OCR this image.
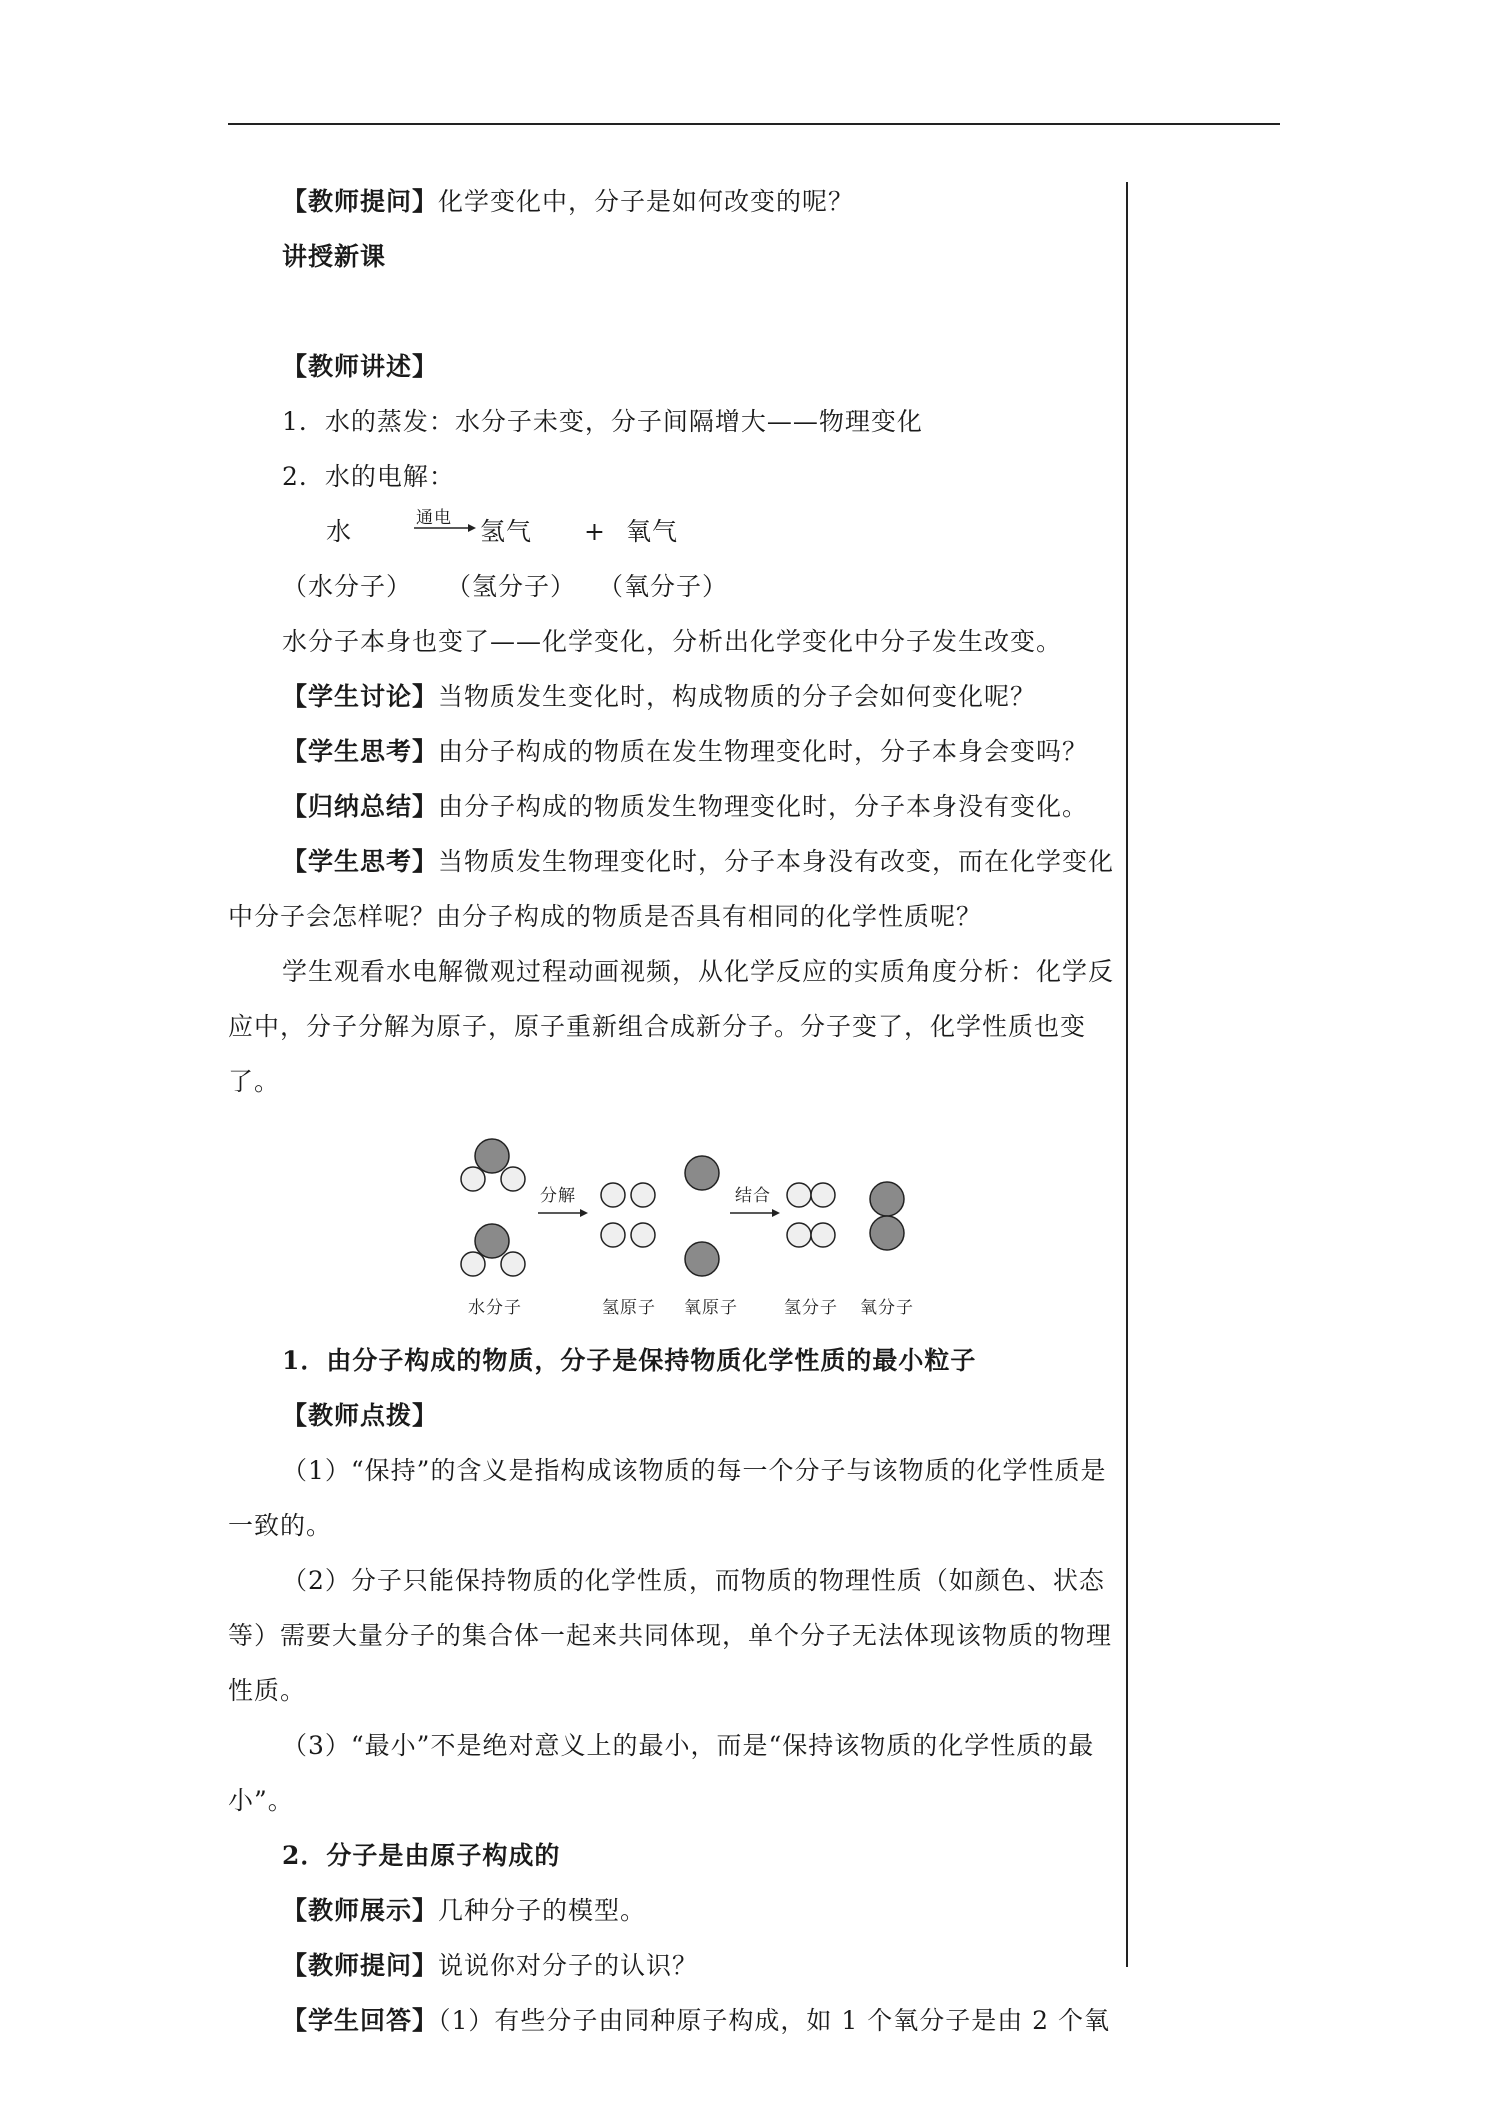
【教师提问】化学变化中，分子是如何改变的呢？

讲授新课

【教师讲述】

1．水的蒸发：水分子未变，分子间隔增大——物理变化

2．水的电解：

水	通电 氢气 + 氧气
（水分子） （氢分子） （氧分子）

水分子本身也变了——化学变化，分析出化学变化中分子发生改变。

【学生讨论】当物质发生变化时，构成物质的分子会如何变化呢？

【学生思考】由分子构成的物质在发生物理变化时，分子本身会变吗？

【归纳总结】由分子构成的物质发生物理变化时，分子本身没有变化。

【学生思考】当物质发生物理变化时，分子本身没有改变，而在化学变化中分子会怎样呢？由分子构成的物质是否具有相同的化学性质呢？

学生观看水电解微观过程动画视频，从化学反应的实质角度分析：化学反应中，分子分解为原子，原子重新组合成新分子。分子变了，化学性质也变了。

分解	结合
水分子	氢原子 氧原子	氢分子 氧分子

1．由分子构成的物质，分子是保持物质化学性质的最小粒子

【教师点拨】

（1）“保持”的含义是指构成该物质的每一个分子与该物质的化学性质是一致的。

（2）分子只能保持物质的化学性质，而物质的物理性质（如颜色、状态等）需要大量分子的集合体一起来共同体现，单个分子无法体现该物质的物理性质。

（3）“最小”不是绝对意义上的最小，而是“保持该物质的化学性质的最小”。

2．分子是由原子构成的

【教师展示】几种分子的模型。

【教师提问】说说你对分子的认识？

【学生回答】（1）有些分子由同种原子构成，如 1 个氧分子是由 2 个氧
